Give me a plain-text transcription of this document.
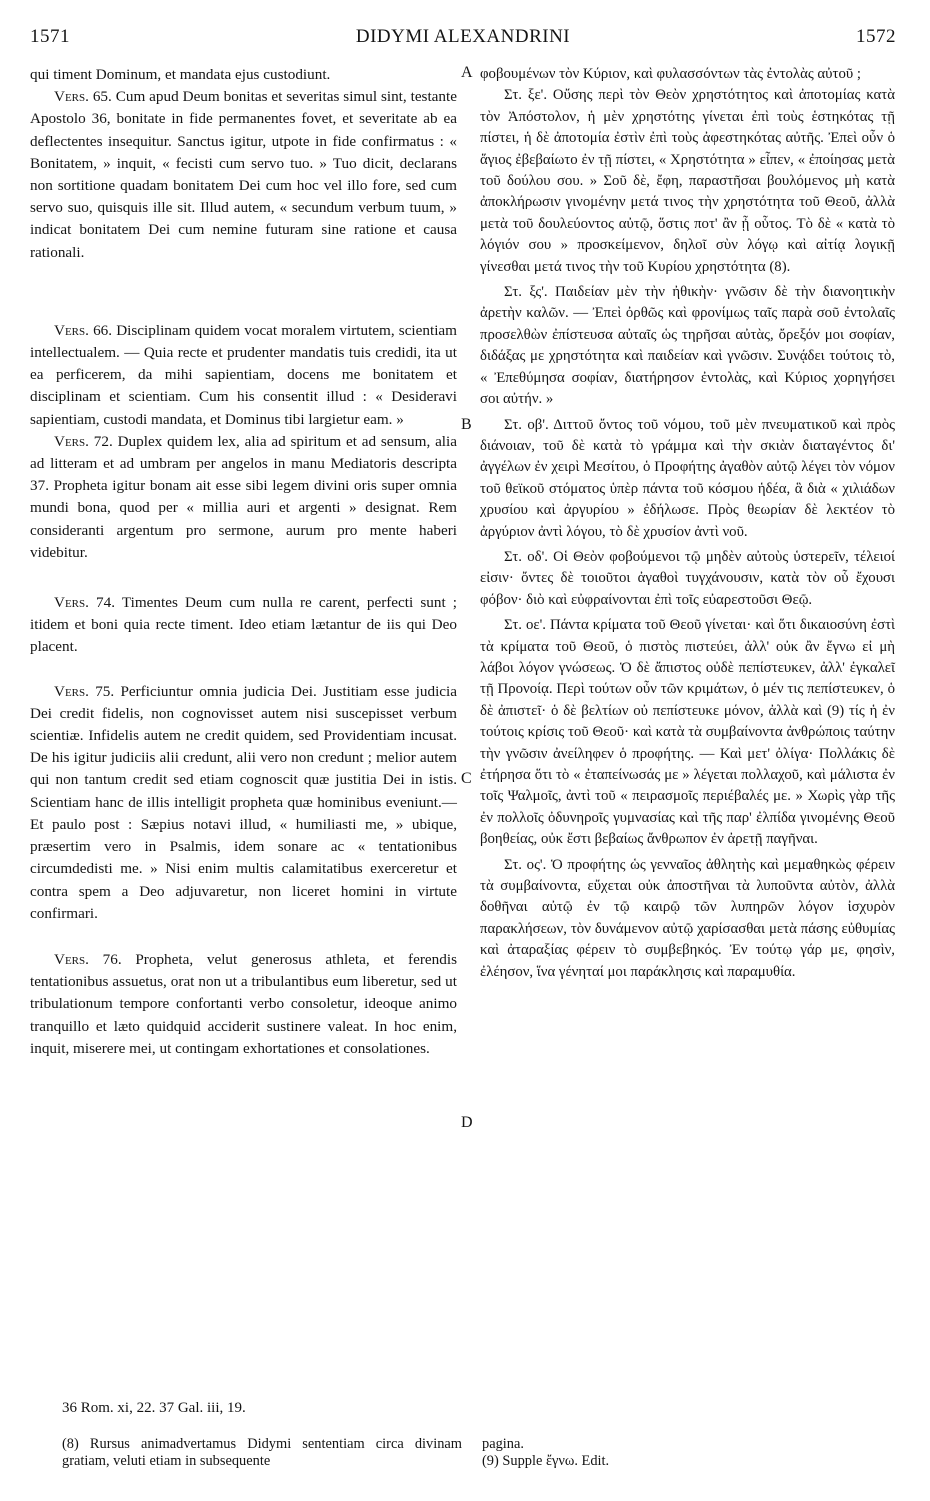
1571	DIDYMI ALEXANDRINI	1572

qui timent Dominum, et mandata ejus custodiunt.

Vers. 65. Cum apud Deum bonitas et severitas simul sint, testante Apostolo 36, bonitate in fide permanentes fovet, et severitate ab ea deflectentes insequitur. Sanctus igitur, utpote in fide confirmatus : « Bonitatem, » inquit, « fecisti cum servo tuo. » Tuo dicit, declarans non sortitione quadam bonitatem Dei cum hoc vel illo fore, sed cum servo suo, quisquis ille sit. Illud autem, « secundum verbum tuum, » indicat bonitatem Dei cum nemine futuram sine ratione et causa rationali.

Vers. 66. Disciplinam quidem vocat moralem virtutem, scientiam intellectualem. — Quia recte et prudenter mandatis tuis credidi, ita ut ea perficerem, da mihi sapientiam, docens me bonitatem et disciplinam et scientiam. Cum his consentit illud : « Desideravi sapientiam, custodi mandata, et Dominus tibi largietur eam. »

Vers. 72. Duplex quidem lex, alia ad spiritum et ad sensum, alia ad litteram et ad umbram per angelos in manu Mediatoris descripta 37. Propheta igitur bonam ait esse sibi legem divini oris super omnia mundi bona, quod per « millia auri et argenti » designat. Rem consideranti argentum pro sermone, aurum pro mente haberi videbitur.

Vers. 74. Timentes Deum cum nulla re carent, perfecti sunt ; itidem et boni quia recte timent. Ideo etiam lætantur de iis qui Deo placent.

Vers. 75. Perficiuntur omnia judicia Dei. Justitiam esse judicia Dei credit fidelis, non cognovisset autem nisi suscepisset verbum scientiæ. Infidelis autem ne credit quidem, sed Providentiam incusat. De his igitur judiciis alii credunt, alii vero non credunt ; melior autem qui non tantum credit sed etiam cognoscit quæ justitia Dei in istis. Scientiam hanc de illis intelligit propheta quæ hominibus eveniunt.—Et paulo post : Sæpius notavi illud, « humiliasti me, » ubique, præsertim vero in Psalmis, idem sonare ac « tentationibus circumdedisti me. » Nisi enim multis calamitatibus exerceretur et contra spem a Deo adjuvaretur, non liceret homini in virtute confirmari.

Vers. 76. Propheta, velut generosus athleta, et ferendis tentationibus assuetus, orat non ut a tribulantibus eum liberetur, sed ut tribulationum tempore confortanti verbo consoletur, ideoque animo tranquillo et læto quidquid acciderit sustinere valeat. In hoc enim, inquit, miserere mei, ut contingam exhortationes et consolationes.

A
B
C
D

φοβουμένων τὸν Κύριον, καὶ φυλασσόντων τὰς ἐντολὰς αὐτοῦ ;

Στ. ξε'. Οὔσης περὶ τὸν Θεὸν χρηστότητος καὶ ἀποτομίας κατὰ τὸν Ἀπόστολον, ἡ μὲν χρηστότης γίνεται ἐπὶ τοὺς ἑστηκότας τῇ πίστει, ἡ δὲ ἀποτομία ἐστὶν ἐπὶ τοὺς ἀφεστηκότας αὐτῆς. Ἐπεὶ οὖν ὁ ἅγιος ἐβεβαίωτο ἐν τῇ πίστει, « Χρηστότητα » εἶπεν, « ἐποίησας μετὰ τοῦ δούλου σου. » Σοῦ δὲ, ἔφη, παραστῆσαι βουλόμενος μὴ κατὰ ἀποκλήρωσιν γινομένην μετά τινος τὴν χρηστότητα τοῦ Θεοῦ, ἀλλὰ μετὰ τοῦ δουλεύοντος αὐτῷ, ὅστις ποτ' ἂν ᾖ οὗτος. Τὸ δὲ « κατὰ τὸ λόγιόν σου » προσκείμενον, δηλοῖ σὺν λόγῳ καὶ αἰτίᾳ λογικῇ γίνεσθαι μετά τινος τὴν τοῦ Κυρίου χρηστότητα (8).

Στ. ξς'. Παιδείαν μὲν τὴν ἠθικὴν· γνῶσιν δὲ τὴν διανοητικὴν ἀρετὴν καλῶν. — Ἐπεὶ ὀρθῶς καὶ φρονίμως ταῖς παρὰ σοῦ ἐντολαῖς προσελθὼν ἐπίστευσα αὐταῖς ὡς τηρῆσαι αὐτὰς, ὄρεξόν μοι σοφίαν, διδάξας με χρηστότητα καὶ παιδείαν καὶ γνῶσιν. Συνᾴδει τούτοις τὸ, « Ἐπεθύμησα σοφίαν, διατήρησον ἐντολὰς, καὶ Κύριος χορηγήσει σοι αὐτήν. »

Στ. οβ'. Διττοῦ ὄντος τοῦ νόμου, τοῦ μὲν πνευματικοῦ καὶ πρὸς διάνοιαν, τοῦ δὲ κατὰ τὸ γράμμα καὶ τὴν σκιὰν διαταγέντος δι' ἀγγέλων ἐν χειρὶ Μεσίτου, ὁ Προφήτης ἀγαθὸν αὐτῷ λέγει τὸν νόμον τοῦ θεϊκοῦ στόματος ὑπὲρ πάντα τοῦ κόσμου ἡδέα, ἃ διὰ « χιλιάδων χρυσίου καὶ ἀργυρίου » ἐδήλωσε. Πρὸς θεωρίαν δὲ λεκτέον τὸ ἀργύριον ἀντὶ λόγου, τὸ δὲ χρυσίον ἀντὶ νοῦ.

Στ. οδ'. Οἱ Θεὸν φοβούμενοι τῷ μηδὲν αὐτοὺς ὑστερεῖν, τέλειοί εἰσιν· ὄντες δὲ τοιοῦτοι ἀγαθοὶ τυγχάνουσιν, κατὰ τὸν οὗ ἔχουσι φόβον· διὸ καὶ εὐφραίνονται ἐπὶ τοῖς εὐαρεστοῦσι Θεῷ.

Στ. οε'. Πάντα κρίματα τοῦ Θεοῦ γίνεται· καὶ ὅτι δικαιοσύνη ἐστὶ τὰ κρίματα τοῦ Θεοῦ, ὁ πιστὸς πιστεύει, ἀλλ' οὐκ ἂν ἔγνω εἰ μὴ λάβοι λόγον γνώσεως. Ὁ δὲ ἄπιστος οὐδὲ πεπίστευκεν, ἀλλ' ἐγκαλεῖ τῇ Προνοίᾳ. Περὶ τούτων οὖν τῶν κριμάτων, ὁ μέν τις πεπίστευκεν, ὁ δὲ ἀπιστεῖ· ὁ δὲ βελτίων οὐ πεπίστευκε μόνον, ἀλλὰ καὶ (9) τίς ἡ ἐν τούτοις κρίσις τοῦ Θεοῦ· καὶ κατὰ τὰ συμβαίνοντα ἀνθρώποις ταύτην τὴν γνῶσιν ἀνείληφεν ὁ προφήτης. — Καὶ μετ' ὀλίγα· Πολλάκις δὲ ἐτήρησα ὅτι τὸ « ἐταπείνωσάς με » λέγεται πολλαχοῦ, καὶ μάλιστα ἐν τοῖς Ψαλμοῖς, ἀντὶ τοῦ « πειρασμοῖς περιέβαλές με. » Χωρὶς γὰρ τῆς ἐν πολλοῖς ὀδυνηροῖς γυμνασίας καὶ τῆς παρ' ἐλπίδα γινομένης Θεοῦ βοηθείας, οὐκ ἔστι βεβαίως ἄνθρωπον ἐν ἀρετῇ παγῆναι.

Στ. ος'. Ὁ προφήτης ὡς γενναῖος ἀθλητὴς καὶ μεμαθηκὼς φέρειν τὰ συμβαίνοντα, εὔχεται οὐκ ἀποστῆναι τὰ λυποῦντα αὐτὸν, ἀλλὰ δοθῆναι αὐτῷ ἐν τῷ καιρῷ τῶν λυπηρῶν λόγον ἰσχυρὸν παρακλήσεων, τὸν δυνάμενον αὐτῷ χαρίσασθαι μετὰ πάσης εὐθυμίας καὶ ἀταραξίας φέρειν τὸ συμβεβηκός. Ἐν τούτῳ γάρ με, φησὶν, ἐλέησον, ἵνα γένηταί μοι παράκλησις καὶ παραμυθία.

36 Rom. xi, 22. 37 Gal. iii, 19.
(8) Rursus animadvertamus Didymi sententiam circa divinam gratiam, veluti etiam in subsequente
pagina.
(9) Supple ἔγνω. Edit.
